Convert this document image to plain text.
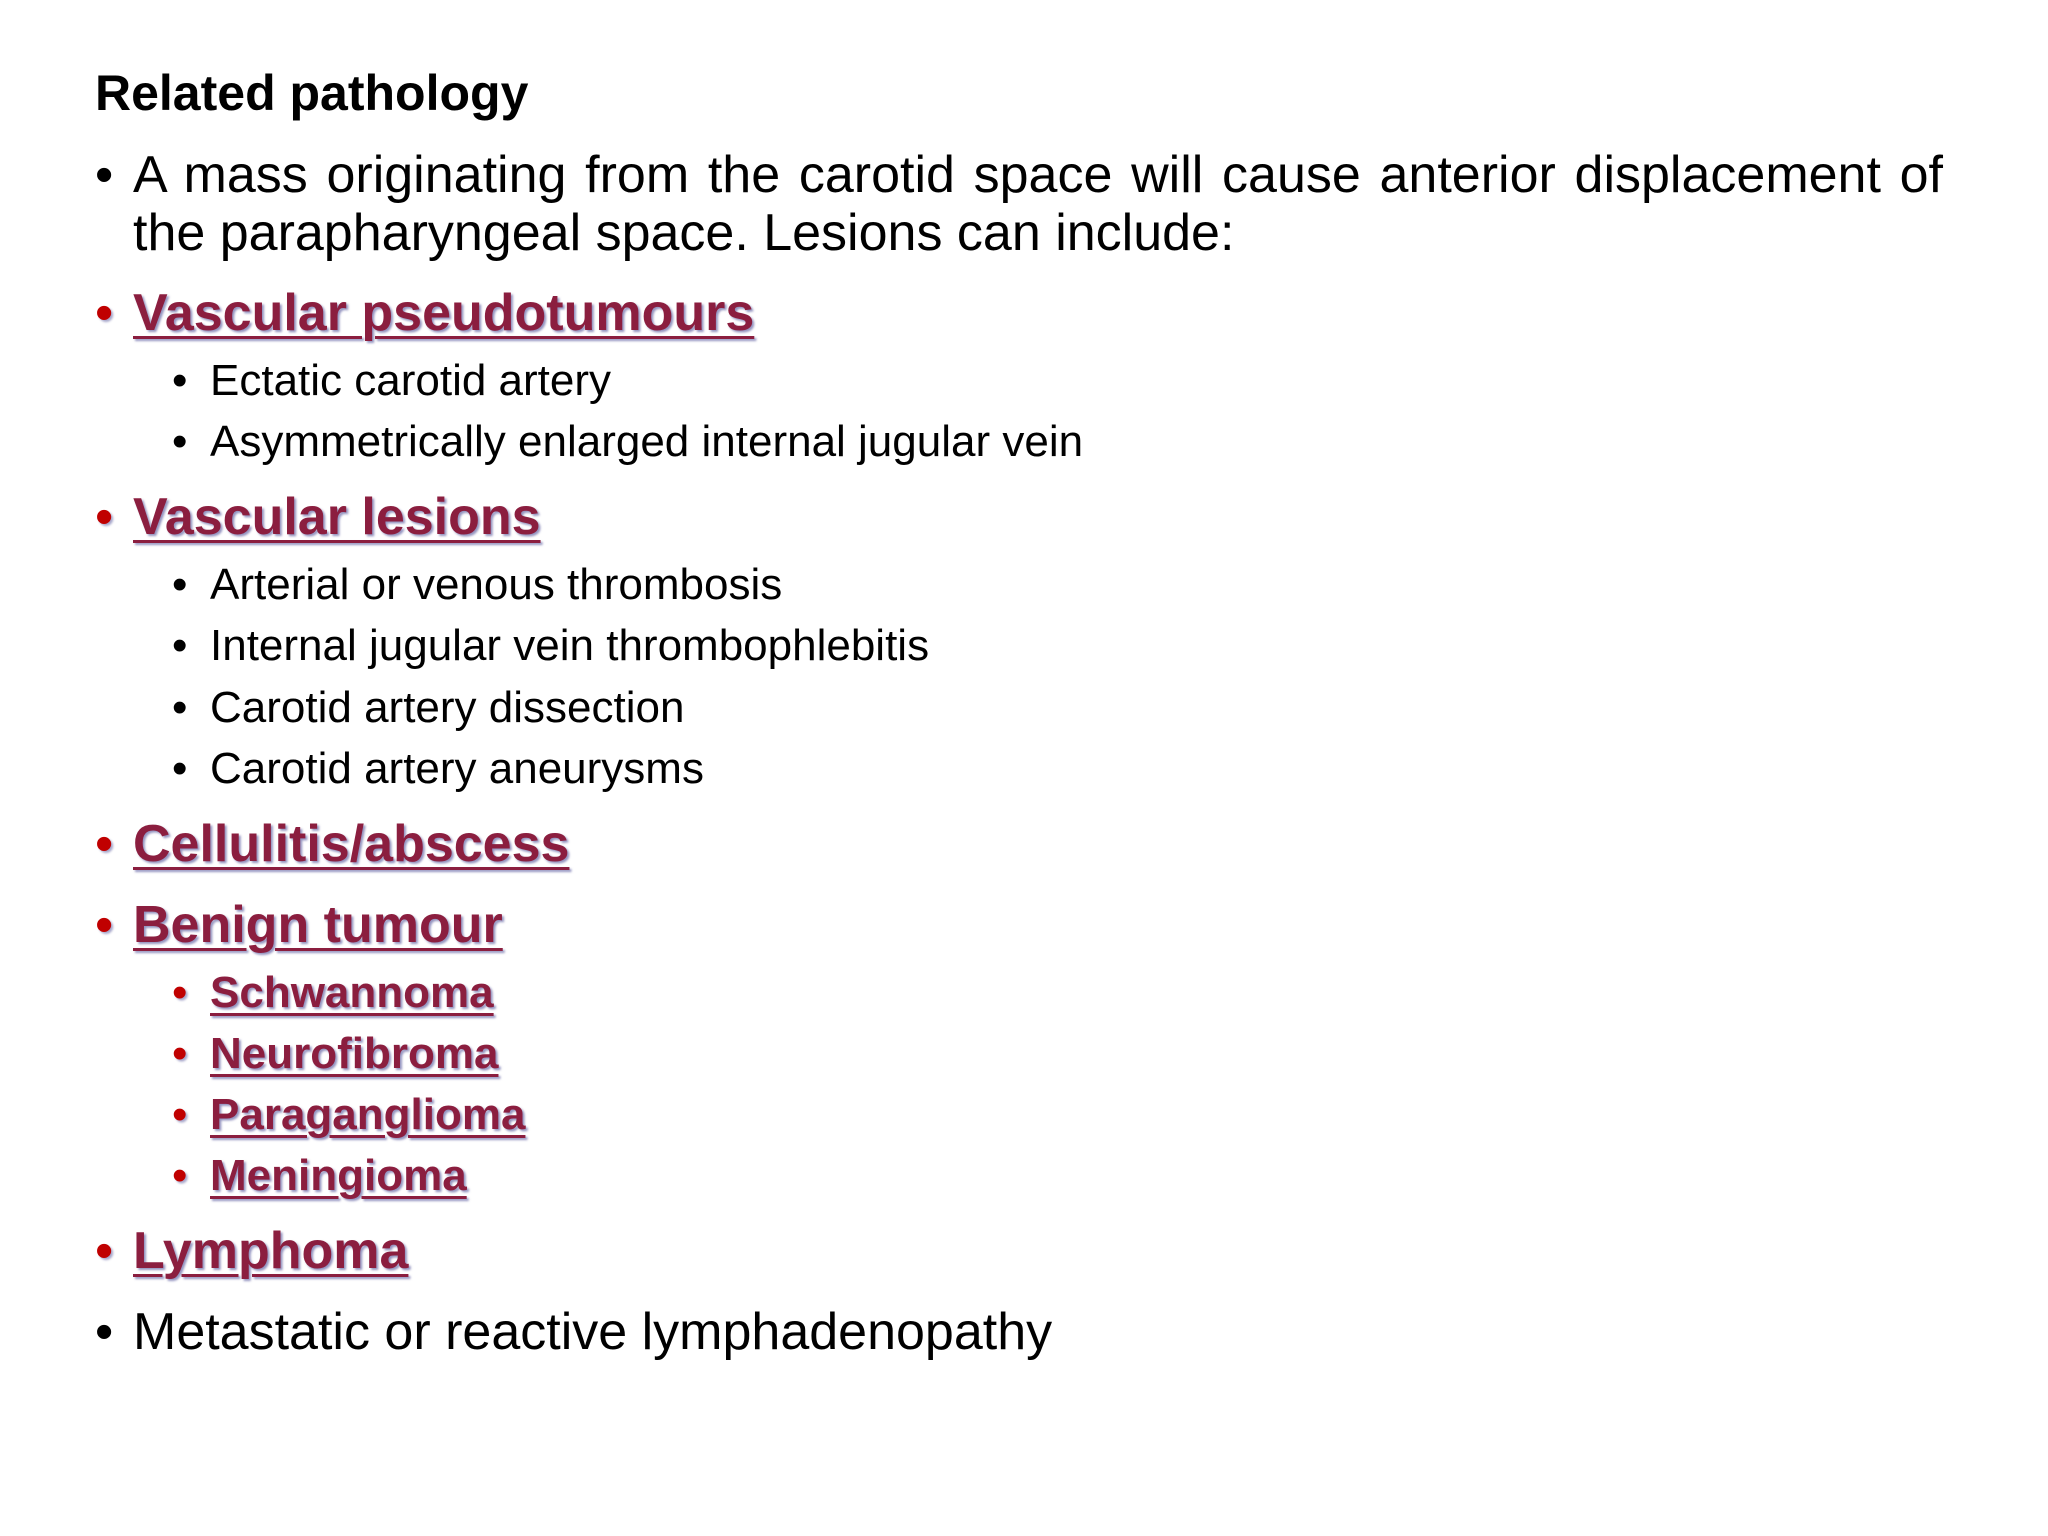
Related pathology
• A mass originating from the carotid space will cause anterior displacement of the parapharyngeal space. Lesions can include:
• Vascular pseudotumours
• Ectatic carotid artery
• Asymmetrically enlarged internal jugular vein
• Vascular lesions
• Arterial or venous thrombosis
• Internal jugular vein thrombophlebitis
• Carotid artery dissection
• Carotid artery aneurysms
• Cellulitis/abscess
• Benign tumour
• Schwannoma
• Neurofibroma
• Paraganglioma
• Meningioma
• Lymphoma
• Metastatic or reactive lymphadenopathy
